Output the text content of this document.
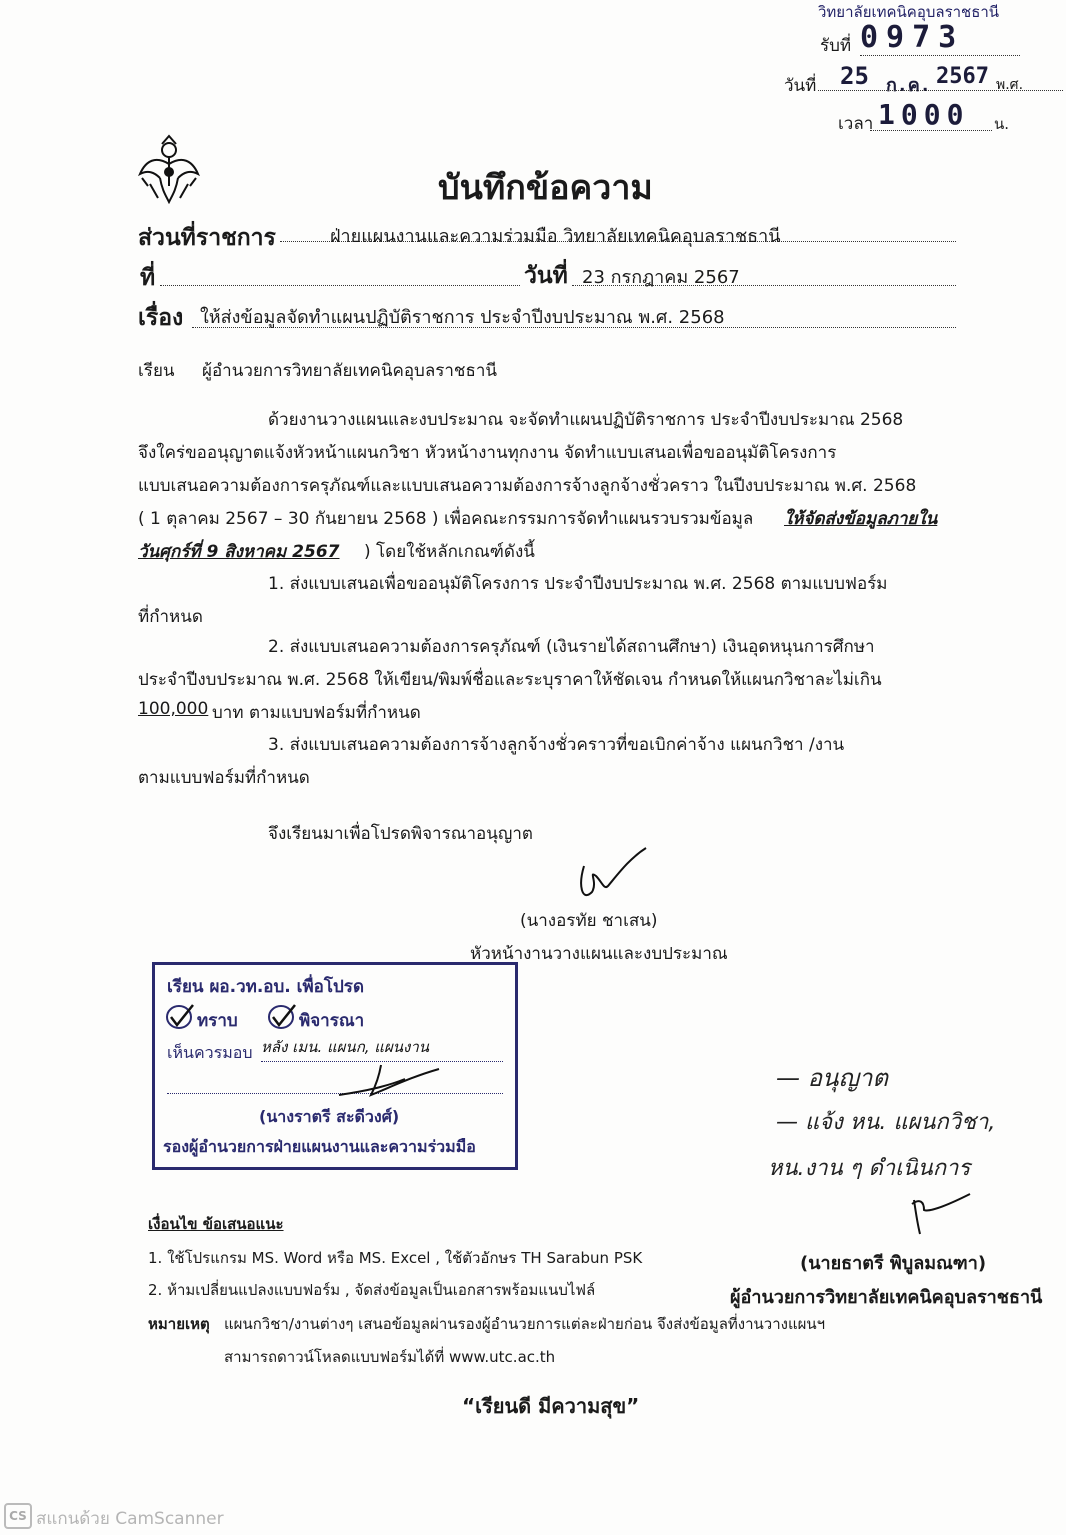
วิทยาลัยเทคนิคอุบลราชธานี
รับที่ 0973
วันที่ 25 ก.ค. 2567 พ.ศ.
เวลา 1000 น.
บันทึกข้อความ
ส่วนที่ราชการ	ฝ่ายแผนงานและความร่วมมือ วิทยาลัยเทคนิคอุบลราชธานี
ที่	วันที่ 23 กรกฎาคม 2567
เรื่อง ให้ส่งข้อมูลจัดทำแผนปฏิบัติราชการ ประจำปีงบประมาณ พ.ศ. 2568
เรียน ผู้อำนวยการวิทยาลัยเทคนิคอุบลราชธานี
ด้วยงานวางแผนและงบประมาณ จะจัดทำแผนปฏิบัติราชการ ประจำปีงบประมาณ 2568
จึงใคร่ขออนุญาตแจ้งหัวหน้าแผนกวิชา หัวหน้างานทุกงาน จัดทำแบบเสนอเพื่อขออนุมัติโครงการ
แบบเสนอความต้องการครุภัณฑ์และแบบเสนอความต้องการจ้างลูกจ้างชั่วคราว ในปีงบประมาณ พ.ศ. 2568
( 1 ตุลาคม 2567 – 30 กันยายน 2568 ) เพื่อคณะกรรมการจัดทำแผนรวบรวมข้อมูล ให้จัดส่งข้อมูลภายใน
วันศุกร์ที่ 9 สิงหาคม 2567 ) โดยใช้หลักเกณฑ์ดังนี้
1. ส่งแบบเสนอเพื่อขออนุมัติโครงการ ประจำปีงบประมาณ พ.ศ. 2568 ตามแบบฟอร์ม
ที่กำหนด
2. ส่งแบบเสนอความต้องการครุภัณฑ์ (เงินรายได้สถานศึกษา) เงินอุดหนุนการศึกษา
ประจำปีงบประมาณ พ.ศ. 2568 ให้เขียน/พิมพ์ชื่อและระบุราคาให้ชัดเจน กำหนดให้แผนกวิชาละไม่เกิน
100,000 บาท ตามแบบฟอร์มที่กำหนด
3. ส่งแบบเสนอความต้องการจ้างลูกจ้างชั่วคราวที่ขอเบิกค่าจ้าง แผนกวิชา /งาน
ตามแบบฟอร์มที่กำหนด
จึงเรียนมาเพื่อโปรดพิจารณาอนุญาต
(นางอรทัย ชาเสน)
หัวหน้างานวางแผนและงบประมาณ
เรียน ผอ.วท.อบ. เพื่อโปรด
ทราบ	พิจารณา
เห็นควรมอบ หลัง เมน. แผนก, แผนงาน
(นางราตรี สะดีวงศ์)
รองผู้อำนวยการฝ่ายแผนงานและความร่วมมือ
— อนุญาต
— แจ้ง หน. แผนกวิชา,
หน.งาน ๆ ดำเนินการ
(นายธาตรี พิบูลมณฑา)
ผู้อำนวยการวิทยาลัยเทคนิคอุบลราชธานี
เงื่อนไข ข้อเสนอแนะ
1. ใช้โปรแกรม MS. Word หรือ MS. Excel , ใช้ตัวอักษร TH Sarabun PSK
2. ห้ามเปลี่ยนแปลงแบบฟอร์ม , จัดส่งข้อมูลเป็นเอกสารพร้อมแนบไฟล์
หมายเหตุ แผนกวิชา/งานต่างๆ เสนอข้อมูลผ่านรองผู้อำนวยการแต่ละฝ่ายก่อน จึงส่งข้อมูลที่งานวางแผนฯ
สามารถดาวน์โหลดแบบฟอร์มได้ที่ www.utc.ac.th
“เรียนดี มีความสุข”
CS สแกนด้วย CamScanner
